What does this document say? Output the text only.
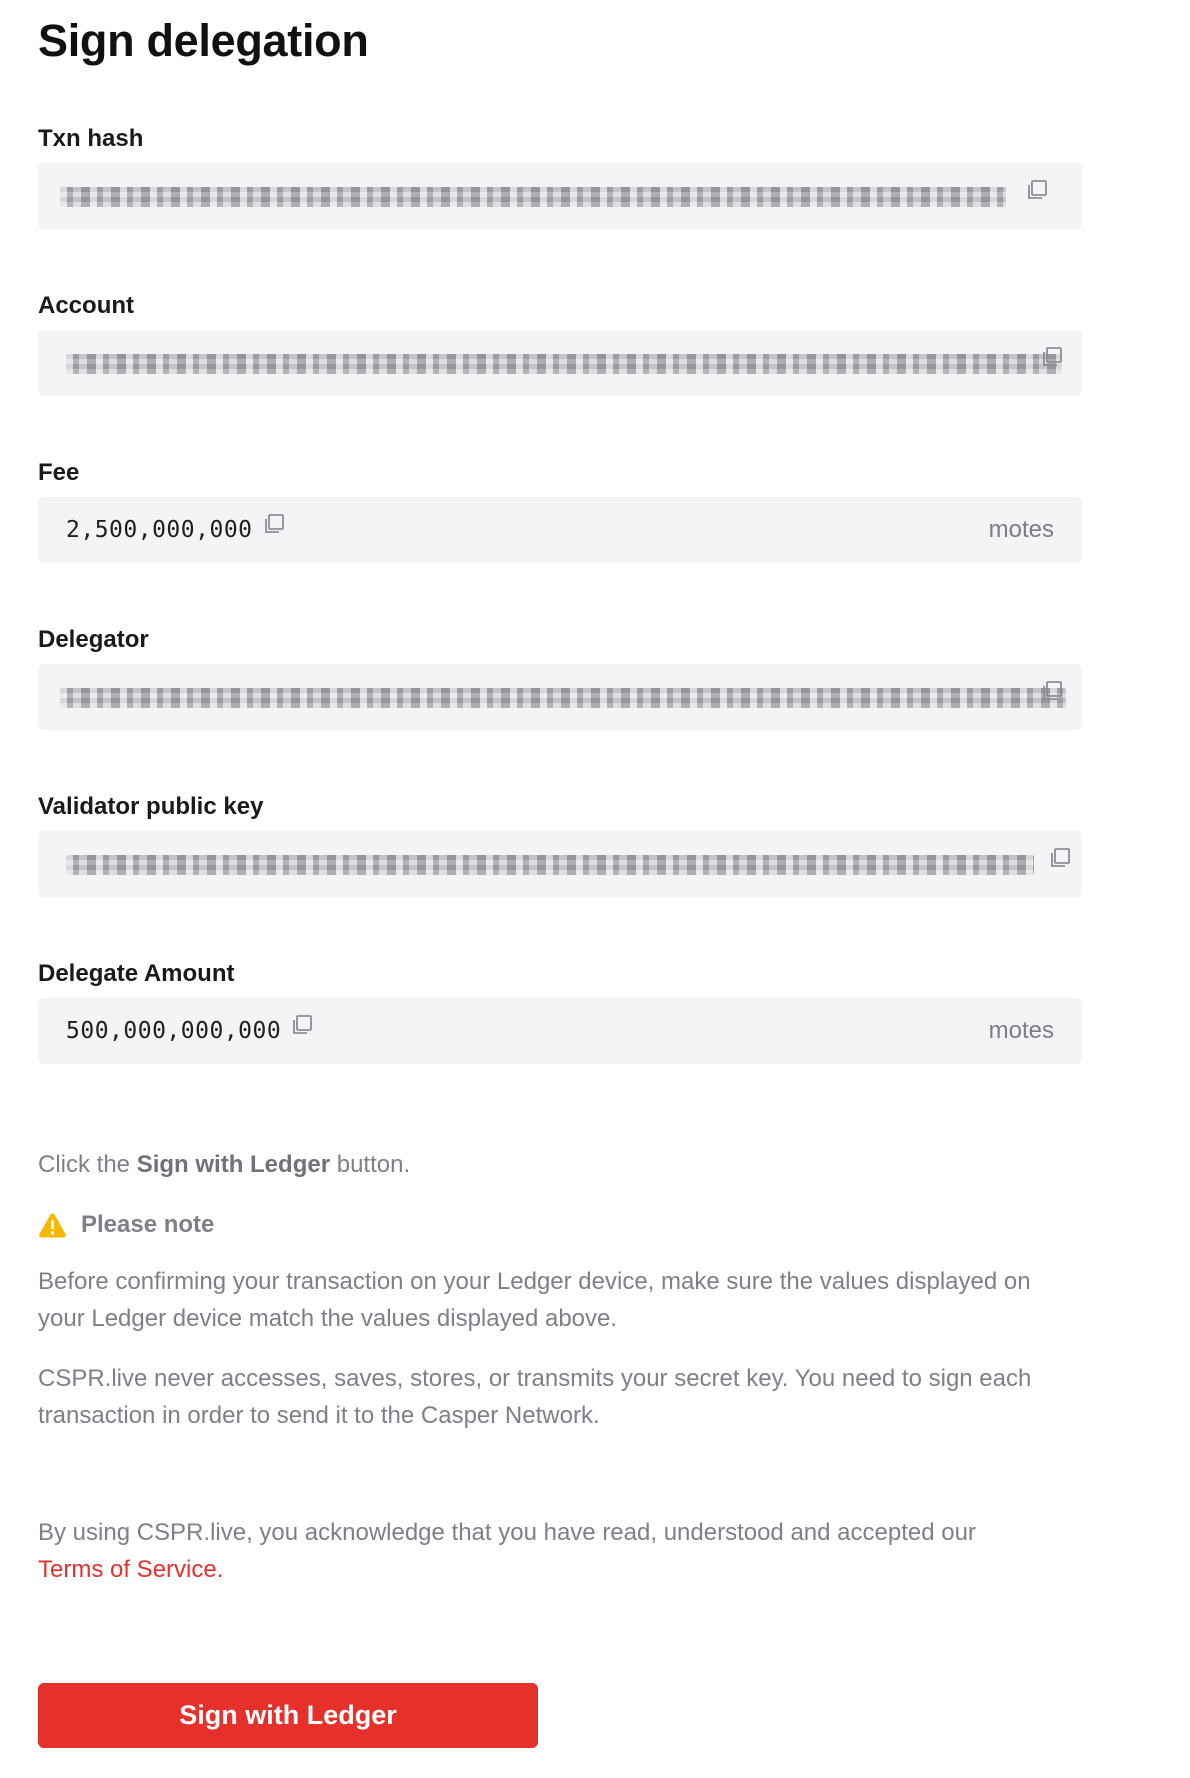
Sign delegation
Txn hash
Account
Fee
2,500,000,000	motes
Delegator
Validator public key
Delegate Amount
500,000,000,000	motes

Click the Sign with Ledger button.

Please note

Before confirming your transaction on your Ledger device, make sure the values displayed on your Ledger device match the values displayed above.

CSPR.live never accesses, saves, stores, or transmits your secret key. You need to sign each transaction in order to send it to the Casper Network.

By using CSPR.live, you acknowledge that you have read, understood and accepted our
Terms of Service.

Sign with Ledger
